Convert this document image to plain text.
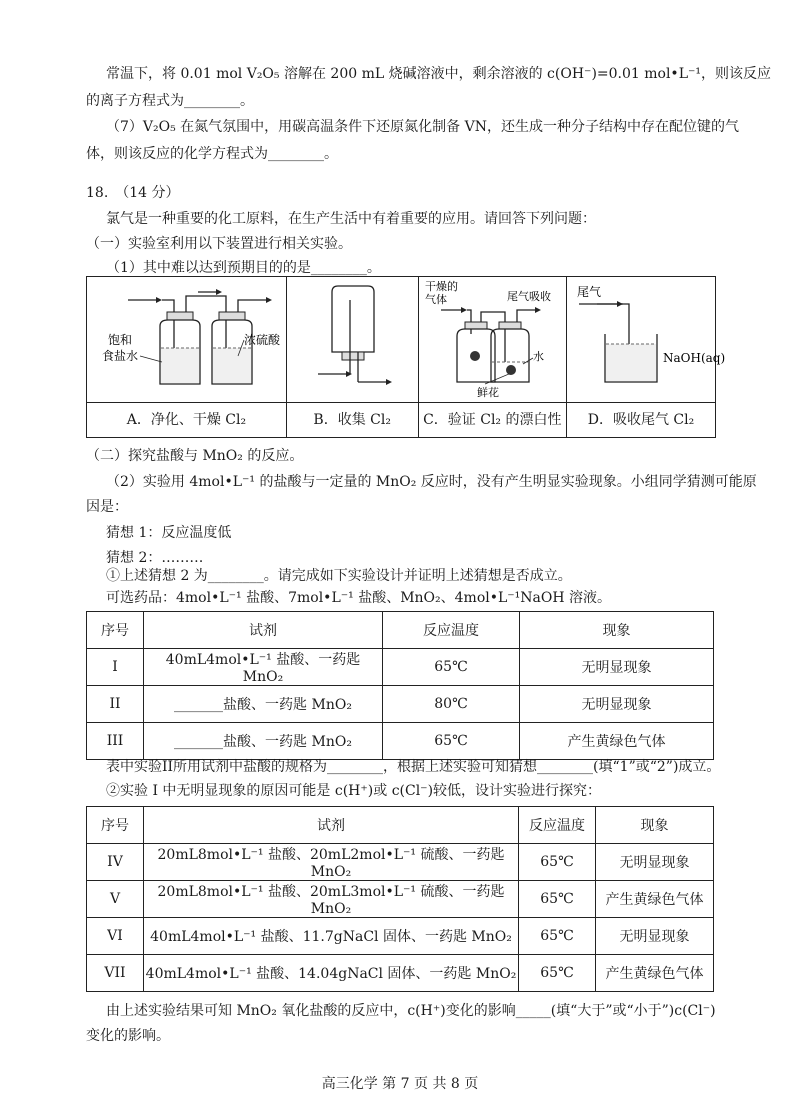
常温下，将 0.01 mol V₂O₅ 溶解在 200 mL 烧碱溶液中，剩余溶液的 c(OH⁻)=0.01 mol•L⁻¹，则该反应
的离子方程式为________。
（7）V₂O₅ 在氮气氛围中，用碳高温条件下还原氮化制备 VN，还生成一种分子结构中存在配位键的气
体，则该反应的化学方程式为________。
18.　（14 分）
氯气是一种重要的化工原料，在生产生活中有着重要的应用。请回答下列问题：
（一）实验室利用以下装置进行相关实验。
（1）其中难以达到预期目的的是________。
饱和
食盐水
浓硫酸		干燥的
气体 尾气吸收
水
鲜花	尾气
NaOH(aq)

A．净化、干燥 Cl₂	B．收集 Cl₂	C．验证 Cl₂ 的漂白性	D．吸收尾气 Cl₂
（二）探究盐酸与 MnO₂ 的反应。
（2）实验用 4mol•L⁻¹ 的盐酸与一定量的 MnO₂ 反应时，没有产生明显实验现象。小组同学猜测可能原
因是：
猜想 1：反应温度低
猜想 2：………
①上述猜想 2 为________。请完成如下实验设计并证明上述猜想是否成立。
可选药品：4mol•L⁻¹ 盐酸、7mol•L⁻¹ 盐酸、MnO₂、4mol•L⁻¹NaOH 溶液。
序号	试剂	反应温度	现象
I	40mL4mol•L⁻¹ 盐酸、一药匙 MnO₂	65℃	无明显现象
II	_______盐酸、一药匙 MnO₂	80℃	无明显现象
III	_______盐酸、一药匙 MnO₂	65℃	产生黄绿色气体
表中实验II所用试剂中盐酸的规格为________，根据上述实验可知猜想________(填“1”或“2”)成立。
②实验 I 中无明显现象的原因可能是 c(H⁺)或 c(Cl⁻)较低，设计实验进行探究：
序号	试剂	反应温度	现象
IV	20mL8mol•L⁻¹ 盐酸、20mL2mol•L⁻¹ 硫酸、一药匙 MnO₂	65℃	无明显现象
V	20mL8mol•L⁻¹ 盐酸、20mL3mol•L⁻¹ 硫酸、一药匙 MnO₂	65℃	产生黄绿色气体
VI	40mL4mol•L⁻¹ 盐酸、11.7gNaCl 固体、一药匙 MnO₂	65℃	无明显现象
VII	40mL4mol•L⁻¹ 盐酸、14.04gNaCl 固体、一药匙 MnO₂	65℃	产生黄绿色气体
由上述实验结果可知 MnO₂ 氧化盐酸的反应中，c(H⁺)变化的影响_____(填“大于”或“小于”)c(Cl⁻)
变化的影响。
高三化学 第 7 页 共 8 页
